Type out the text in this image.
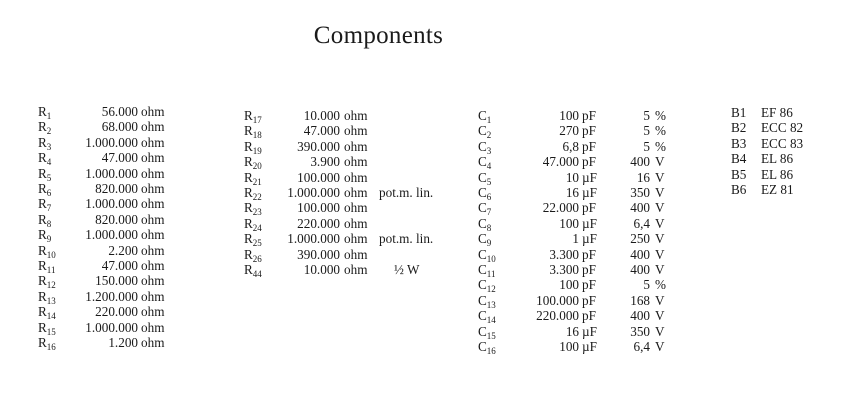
Components
$R_1$	56.000 ohm
$R_2$	68.000 ohm
$R_3$	1.000.000 ohm
$R_4$	47.000 ohm
$R_5$	1.000.000 ohm
$R_6$	820.000 ohm
$R_7$	1.000.000 ohm
$R_8$	820.000 ohm
$R_9$	1.000.000 ohm
$R_{10}$	2.200 ohm
$R_{11}$	47.000 ohm
$R_{12}$	150.000 ohm
$R_{13}$	1.200.000 ohm
$R_{14}$	220.000 ohm
$R_{15}$	1.000.000 ohm
$R_{16}$	1.200 ohm
$R_{17}$	10.000 ohm
$R_{18}$	47.000 ohm
$R_{19}$	390.000 ohm
$R_{20}$	3.900 ohm
$R_{21}$	100.000 ohm
$R_{22}$	1.000.000 ohm pot.m. lin.
$R_{23}$	100.000 ohm
$R_{24}$	220.000 ohm
$R_{25}$	1.000.000 ohm pot.m. lin.
$R_{26}$	390.000 ohm
$R_{44}$	10.000 ohm	½ W
$C_1$	100 pF	5 %
$C_2$	270 pF	5 %
$C_3$	6,8 pF	5 %
$C_4$	47.000 pF	400 V
$C_5$	10 µF	16 V
$C_6$	16 µF	350 V
$C_7$	22.000 pF	400 V
$C_8$	100 µF	6,4 V
$C_9$	1 µF	250 V
$C_{10}$	3.300 pF	400 V
$C_{11}$	3.300 pF	400 V
$C_{12}$	100 pF	5 %
$C_{13}$	100.000 pF	168 V
$C_{14}$	220.000 pF	400 V
$C_{15}$	16 µF	350 V
$C_{16}$	100 µF	6,4 V
B1	EF 86
B2	ECC 82
B3	ECC 83
B4	EL 86
B5	EL 86
B6	EZ 81
